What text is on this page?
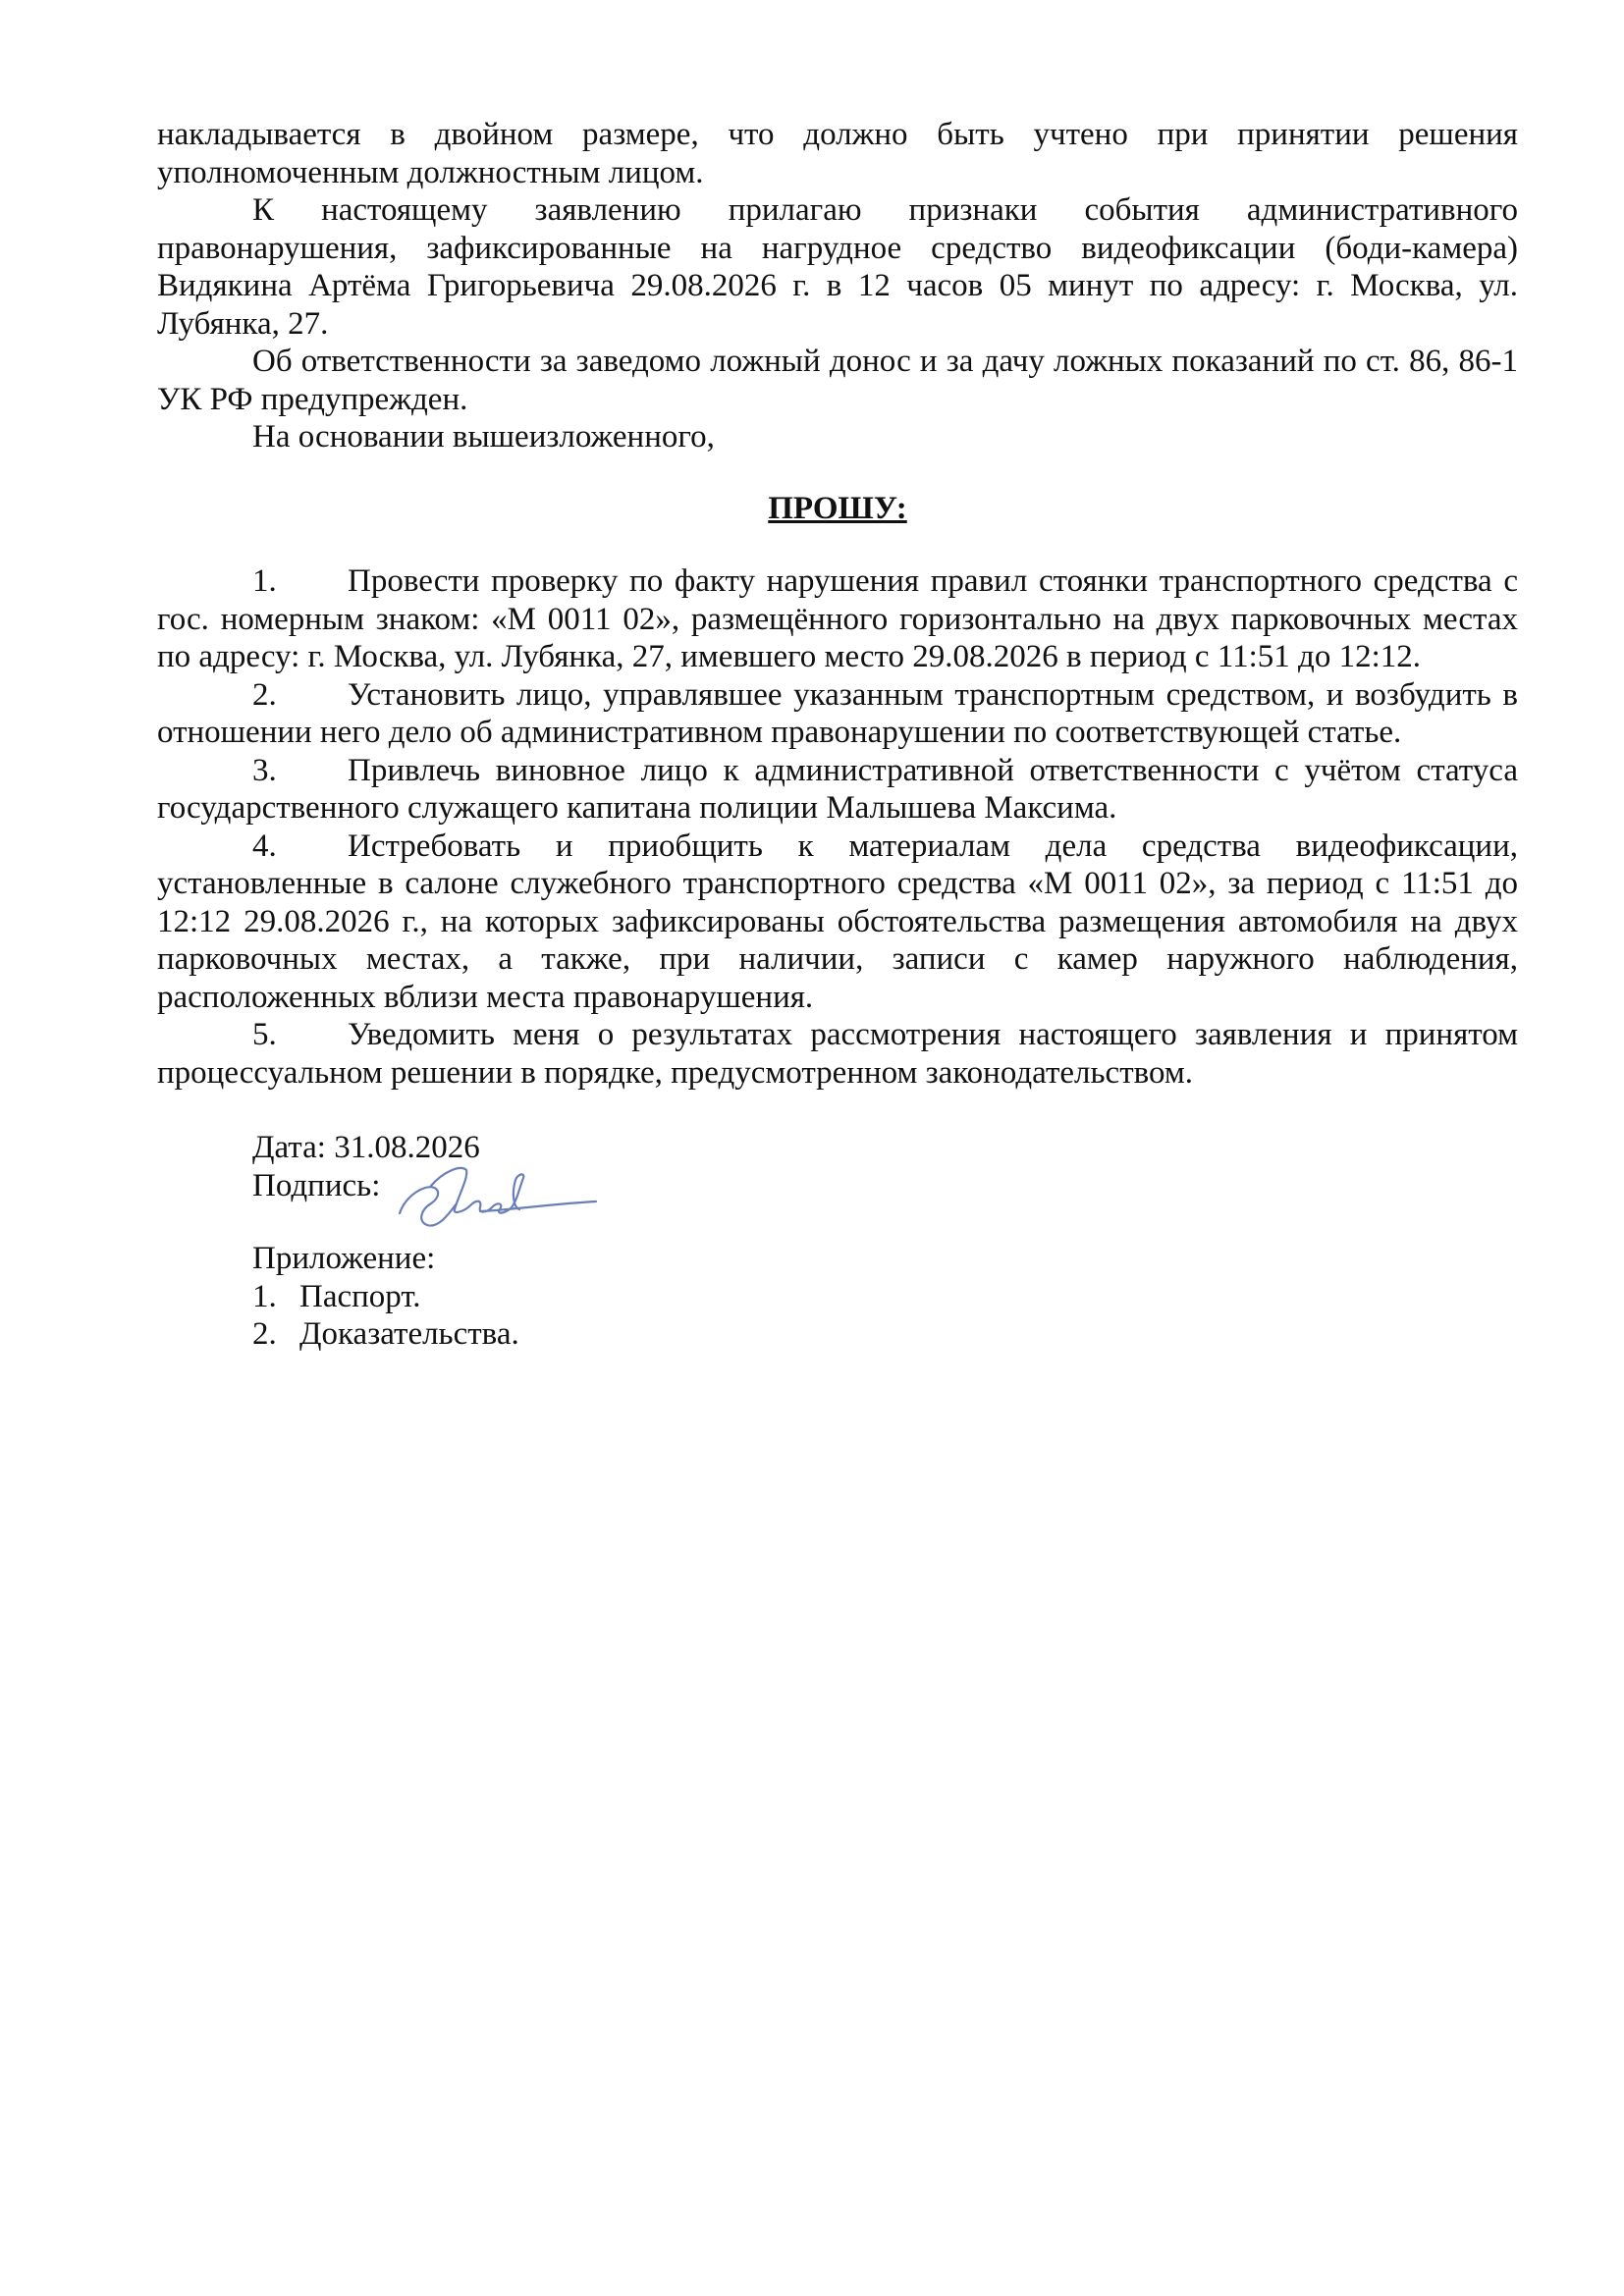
накладывается в двойном размере, что должно быть учтено при принятии решения уполномоченным должностным лицом.

К настоящему заявлению прилагаю признаки события административного правонарушения, зафиксированные на нагрудное средство видеофиксации (боди-камера) Видякина Артёма Григорьевича 29.08.2026 г. в 12 часов 05 минут по адресу: г. Москва, ул. Лубянка, 27.

Об ответственности за заведомо ложный донос и за дачу ложных показаний по ст. 86, 86-1 УК РФ предупрежден.

На основании вышеизложенного,

ПРОШУ:

1. Провести проверку по факту нарушения правил стоянки транспортного средства с гос. номерным знаком: «М 0011 02», размещённого горизонтально на двух парковочных местах по адресу: г. Москва, ул. Лубянка, 27, имевшего место 29.08.2026 в период с 11:51 до 12:12.

2. Установить лицо, управлявшее указанным транспортным средством, и возбудить в отношении него дело об административном правонарушении по соответствующей статье.

3. Привлечь виновное лицо к административной ответственности с учётом статуса государственного служащего капитана полиции Малышева Максима.

4. Истребовать и приобщить к материалам дела средства видеофиксации, установленные в салоне служебного транспортного средства «М 0011 02», за период с 11:51 до 12:12 29.08.2026 г., на которых зафиксированы обстоятельства размещения автомобиля на двух парковочных местах, а также, при наличии, записи с камер наружного наблюдения, расположенных вблизи места правонарушения.

5. Уведомить меня о результатах рассмотрения настоящего заявления и принятом процессуальном решении в порядке, предусмотренном законодательством.

Дата: 31.08.2026

Подпись:

Приложение:

1. Паспорт.

2. Доказательства.
